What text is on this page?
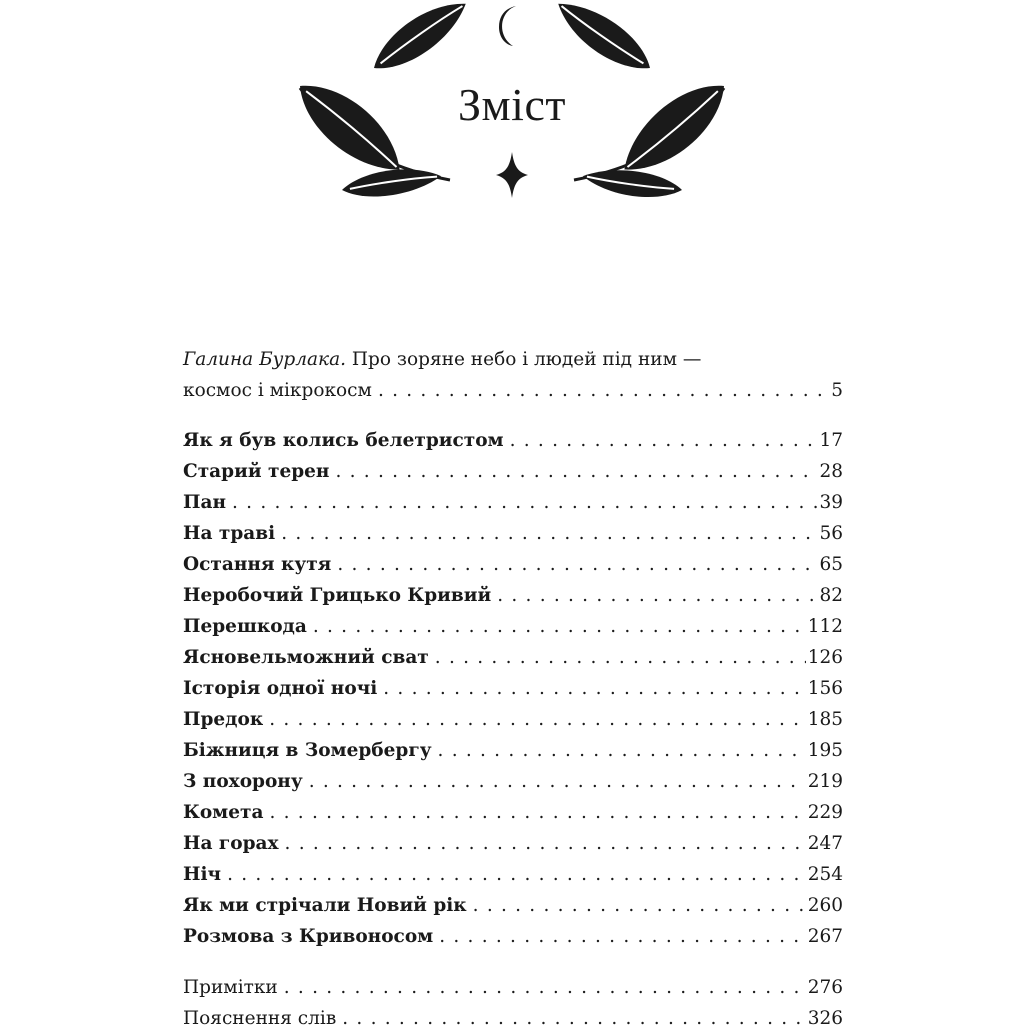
Зміст
Галина Бурлака. Про зоряне небо і людей під ним —
космос і мікрокосм . . .	5
Як я був колись белетристом . . .	17
Старий терен . . .	28
Пан . . .	39
На траві . . .	56
Остання кутя . . .	65
Неробочий Грицько Кривий . . .	82
Перешкода . . .	112
Ясновельможний сват . . .	126
Історія одної ночі . . .	156
Предок . . .	185
Біжниця в Зомербергу . . .	195
З похорону . . .	219
Комета . . .	229
На горах . . .	247
Ніч . . .	254
Як ми стрічали Новий рік . . .	260
Розмова з Кривоносом . . .	267
Примітки . . .	276
Пояснення слів . . .	326
